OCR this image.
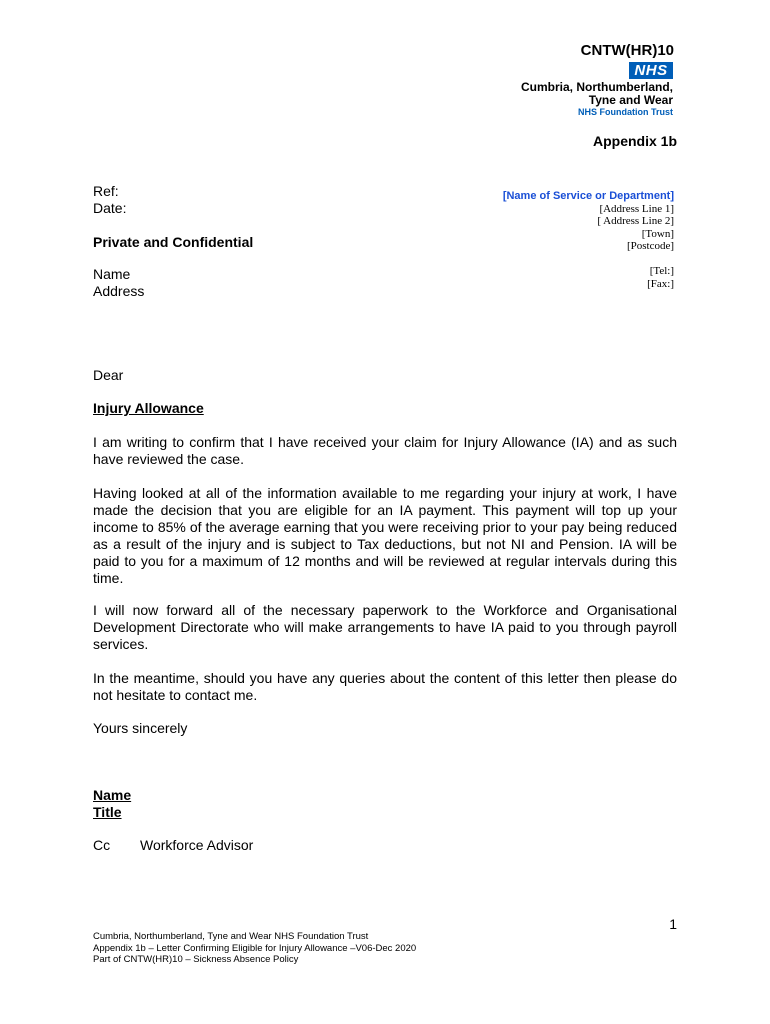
CNTW(HR)10
NHS
Cumbria, Northumberland,
Tyne and Wear
NHS Foundation Trust
Appendix 1b
Ref:
Date:
[Name of Service or Department]
[Address Line 1]
[ Address Line 2]
[Town]
[Postcode]
Private and Confidential
Name
Address
[Tel:]
[Fax:]
Dear
Injury Allowance
I am writing to confirm that I have received your claim for Injury Allowance (IA) and as such have reviewed the case.
Having looked at all of the information available to me regarding your injury at work, I have made the decision that you are eligible for an IA payment. This payment will top up your income to 85% of the average earning that you were receiving prior to your pay being reduced as a result of the injury and is subject to Tax deductions, but not NI and Pension. IA will be paid to you for a maximum of 12 months and will be reviewed at regular intervals during this time.
I will now forward all of the necessary paperwork to the Workforce and Organisational Development Directorate who will make arrangements to have IA paid to you through payroll services.
In the meantime, should you have any queries about the content of this letter then please do not hesitate to contact me.
Yours sincerely
Name
Title
Cc	Workforce Advisor
1
Cumbria, Northumberland, Tyne and Wear NHS Foundation Trust
Appendix 1b – Letter Confirming Eligible for Injury Allowance –V06-Dec 2020
Part of CNTW(HR)10 – Sickness Absence Policy
